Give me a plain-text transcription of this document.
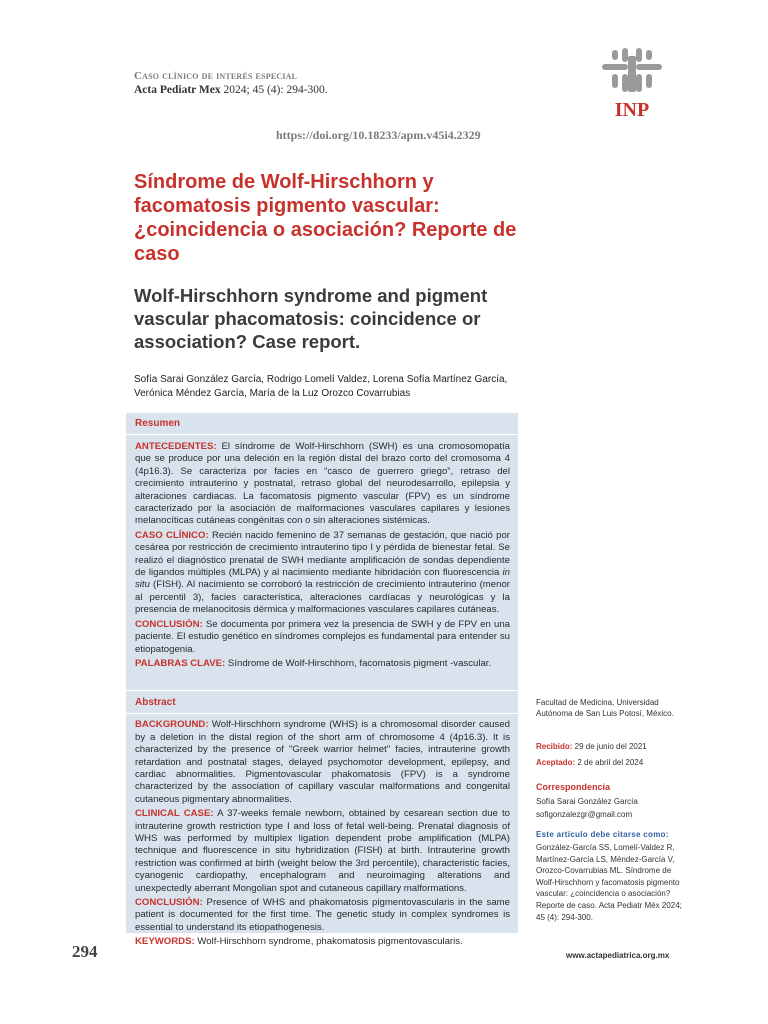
Caso clínico de interés especial
Acta Pediatr Mex 2024; 45 (4): 294-300.
https://doi.org/10.18233/apm.v45i4.2329
INP
Síndrome de Wolf-Hirschhorn y facomatosis pigmento vascular: ¿coincidencia o asociación? Reporte de caso
Wolf-Hirschhorn syndrome and pigment vascular phacomatosis: coincidence or association? Case report.
Sofía Sarai González García, Rodrigo Lomelí Valdez, Lorena Sofía Martínez García, Verónica Méndez García, María de la Luz Orozco Covarrubias

Resumen

ANTECEDENTES: El síndrome de Wolf-Hirschhorn (SWH) es una cromosomopatía que se produce por una deleción en la región distal del brazo corto del cromosoma 4 (4p16.3). Se caracteriza por facies en “casco de guerrero griego”, retraso del crecimiento intrauterino y postnatal, retraso global del neurodesarrollo, epilepsia y alteraciones cardiacas. La facomatosis pigmento vascular (FPV) es un síndrome caracterizado por la asociación de malformaciones vasculares capilares y lesiones melanocíticas cutáneas congénitas con o sin alteraciones sistémicas.

CASO CLÍNICO: Recién nacido femenino de 37 semanas de gestación, que nació por cesárea por restricción de crecimiento intrauterino tipo I y pérdida de bienestar fetal. Se realizó el diagnóstico prenatal de SWH mediante amplificación de sondas dependiente de ligandos múltiples (MLPA) y al nacimiento mediante hibridación con fluorescencia in situ (FISH). Al nacimiento se corroboró la restricción de crecimiento intrauterino (menor al percentil 3), facies característica, alteraciones cardíacas y neurológicas y la presencia de melanocitosis dérmica y malformaciones vasculares capilares cutáneas.

CONCLUSIÓN: Se documenta por primera vez la presencia de SWH y de FPV en una paciente. El estudio genético en síndromes complejos es fundamental para entender su etiopatogenia.

PALABRAS CLAVE: Síndrome de Wolf-Hirschhorn, facomatosis pigment -vascular.

Abstract

BACKGROUND: Wolf-Hirschhorn syndrome (WHS) is a chromosomal disorder caused by a deletion in the distal region of the short arm of chromosome 4 (4p16.3). It is characterized by the presence of "Greek warrior helmet" facies, intrauterine growth retardation and postnatal stages, delayed psychomotor development, epilepsy, and cardiac abnormalities. Pigmentovascular phakomatosis (FPV) is a syndrome characterized by the association of capillary vascular malformations and congenital cutaneous pigmentary abnormalities.

CLINICAL CASE: A 37-weeks female newborn, obtained by cesarean section due to intrauterine growth restriction type I and loss of fetal well-being. Prenatal diagnosis of WHS was performed by multiplex ligation dependent probe amplification (MLPA) technique and fluorescence in situ hybridization (FISH) at birth. Intrauterine growth restriction was confirmed at birth (weight below the 3rd percentile), characteristic facies, cyanogenic cardiopathy, encephalogram and neuroimaging alterations and unexpectedly aberrant Mongolian spot and cutaneous capillary malformations.

CONCLUSIÓN: Presence of WHS and phakomatosis pigmentovascularis in the same patient is documented for the first time. The genetic study in complex syndromes is essential to understand its etiopathogenesis.

KEYWORDS: Wolf-Hirschhorn syndrome, phakomatosis pigmentovascularis.

Facultad de Medicina, Universidad Autónoma de San Luis Potosí, México.
Recibido: 29 de junio del 2021
Aceptado: 2 de abril del 2024
Correspondencia
Sofía Sarai González García
sofigonzalezgr@gmail.com
Este artículo debe citarse como:
González-García SS, Lomelí-Valdez R, Martínez-García LS, Méndez-García V, Orozco-Covarrubias ML. Síndrome de Wolf-Hirschhorn y facomatosis pigmento vascular: ¿coincidencia o asociación? Reporte de caso. Acta Pediatr Méx 2024; 45 (4): 294-300.
294	www.actapediatrica.org.mx
